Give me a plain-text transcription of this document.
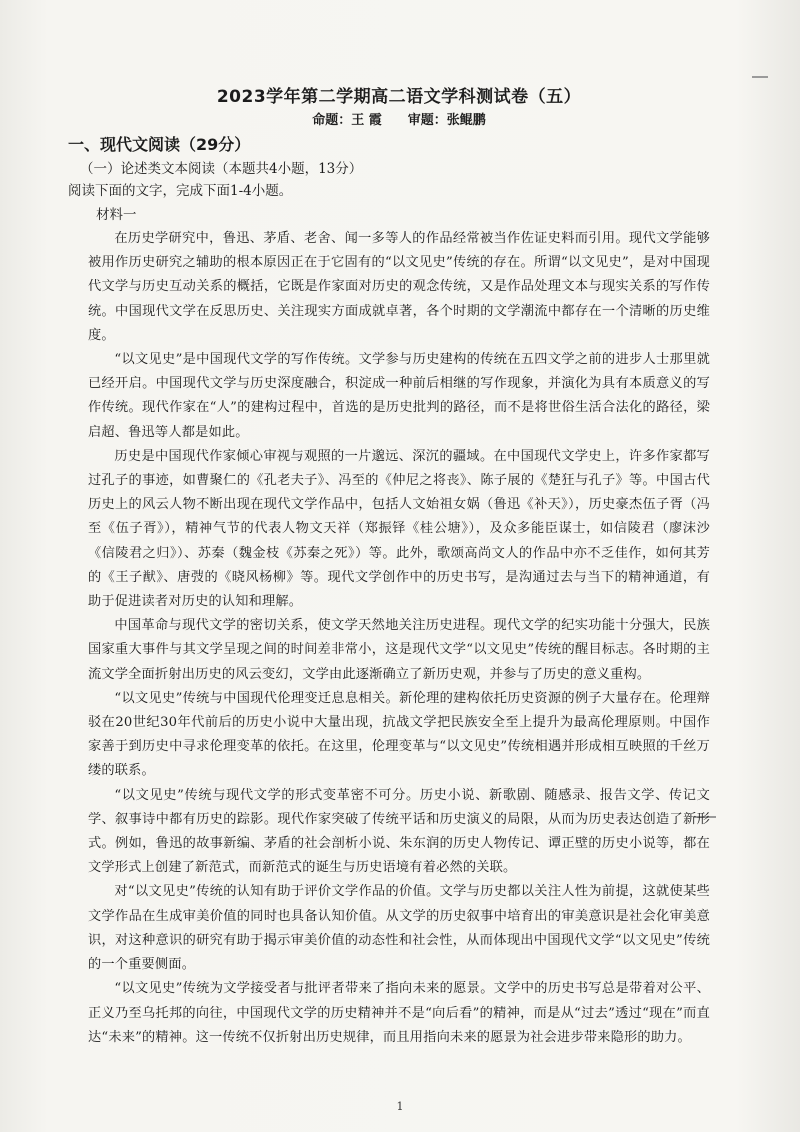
2023学年第二学期高二语文学科测试卷（五）
命题：王 霞 审题：张鲲鹏
一、现代文阅读（29分）
（一）论述类文本阅读（本题共4小题，13分）
阅读下面的文字，完成下面1-4小题。
材料一

在历史学研究中，鲁迅、茅盾、老舍、闻一多等人的作品经常被当作佐证史料而引用。现代文学能够被用作历史研究之辅助的根本原因正在于它固有的“以文见史”传统的存在。所谓“以文见史”，是对中国现代文学与历史互动关系的概括，它既是作家面对历史的观念传统，又是作品处理文本与现实关系的写作传统。中国现代文学在反思历史、关注现实方面成就卓著，各个时期的文学潮流中都存在一个清晰的历史维度。

“以文见史”是中国现代文学的写作传统。文学参与历史建构的传统在五四文学之前的进步人士那里就已经开启。中国现代文学与历史深度融合，积淀成一种前后相继的写作现象，并演化为具有本质意义的写作传统。现代作家在“人”的建构过程中，首选的是历史批判的路径，而不是将世俗生活合法化的路径，梁启超、鲁迅等人都是如此。

历史是中国现代作家倾心审视与观照的一片邈远、深沉的疆域。在中国现代文学史上，许多作家都写过孔子的事迹，如曹聚仁的《孔老夫子》、冯至的《仲尼之将丧》、陈子展的《楚狂与孔子》等。中国古代历史上的风云人物不断出现在现代文学作品中，包括人文始祖女娲（鲁迅《补天》），历史豪杰伍子胥（冯至《伍子胥》），精神气节的代表人物文天祥（郑振铎《桂公塘》），及众多能臣谋士，如信陵君（廖沫沙《信陵君之归》）、苏秦（魏金枝《苏秦之死》）等。此外，歌颂高尚文人的作品中亦不乏佳作，如何其芳的《王子猷》、唐弢的《晓风杨柳》等。现代文学创作中的历史书写，是沟通过去与当下的精神通道，有助于促进读者对历史的认知和理解。

中国革命与现代文学的密切关系，使文学天然地关注历史进程。现代文学的纪实功能十分强大，民族国家重大事件与其文学呈现之间的时间差非常小，这是现代文学“以文见史”传统的醒目标志。各时期的主流文学全面折射出历史的风云变幻，文学由此逐渐确立了新历史观，并参与了历史的意义重构。

“以文见史”传统与中国现代伦理变迁息息相关。新伦理的建构依托历史资源的例子大量存在。伦理辩驳在20世纪30年代前后的历史小说中大量出现，抗战文学把民族安全至上提升为最高伦理原则。中国作家善于到历史中寻求伦理变革的依托。在这里，伦理变革与“以文见史”传统相遇并形成相互映照的千丝万缕的联系。

“以文见史”传统与现代文学的形式变革密不可分。历史小说、新歌剧、随感录、报告文学、传记文学、叙事诗中都有历史的踪影。现代作家突破了传统平话和历史演义的局限，从而为历史表达创造了新形式。例如，鲁迅的故事新编、茅盾的社会剖析小说、朱东润的历史人物传记、谭正壁的历史小说等，都在文学形式上创建了新范式，而新范式的诞生与历史语境有着必然的关联。

对“以文见史”传统的认知有助于评价文学作品的价值。文学与历史都以关注人性为前提，这就使某些文学作品在生成审美价值的同时也具备认知价值。从文学的历史叙事中培育出的审美意识是社会化审美意识，对这种意识的研究有助于揭示审美价值的动态性和社会性，从而体现出中国现代文学“以文见史”传统的一个重要侧面。

“以文见史”传统为文学接受者与批评者带来了指向未来的愿景。文学中的历史书写总是带着对公平、正义乃至乌托邦的向往，中国现代文学的历史精神并不是“向后看”的精神，而是从“过去”透过“现在”而直达“未来”的精神。这一传统不仅折射出历史规律，而且用指向未来的愿景为社会进步带来隐形的助力。

1
